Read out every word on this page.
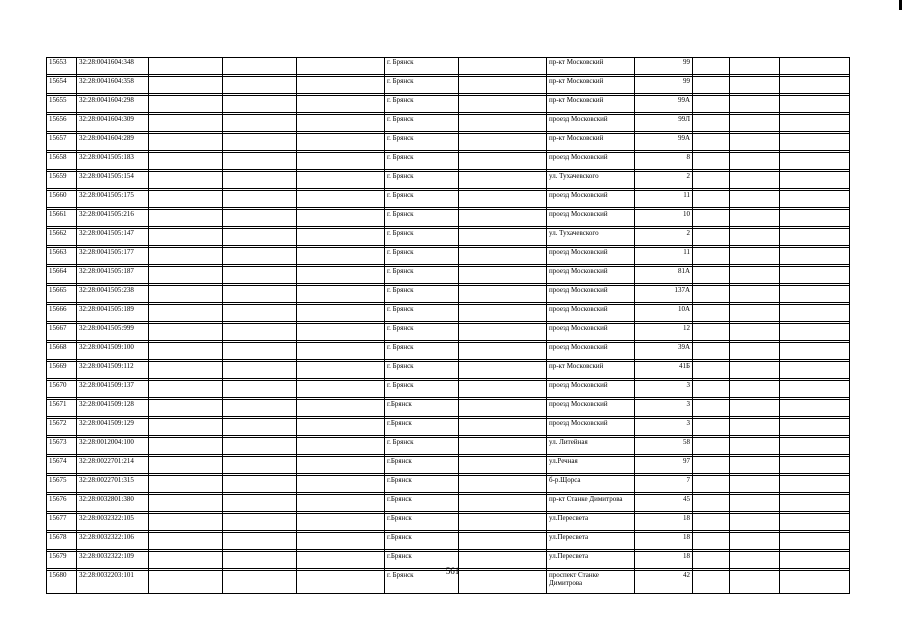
15653	32:28:0041604:348				г. Брянск		пр-кт Московский	99			

15654	32:28:0041604:358				г. Брянск		пр-кт Московский	99			

15655	32:28:0041604:298				г. Брянск		пр-кт Московский	99А			

15656	32:28:0041604:309				г. Брянск		проезд Московский	99Л			

15657	32:28:0041604:289				г. Брянск		пр-кт Московский	99А			

15658	32:28:0041505:183				г. Брянск		проезд Московский	8			

15659	32:28:0041505:154				г. Брянск		ул. Тухачевского	2			

15660	32:28:0041505:175				г. Брянск		проезд Московский	11			

15661	32:28:0041505:216				г. Брянск		проезд Московский	10			

15662	32:28:0041505:147				г. Брянск		ул. Тухачевского	2			

15663	32:28:0041505:177				г. Брянск		проезд Московский	11			

15664	32:28:0041505:187				г. Брянск		проезд Московский	81А			

15665	32:28:0041505:238				г. Брянск		проезд Московский	137А			

15666	32:28:0041505:189				г. Брянск		проезд Московский	10А			

15667	32:28:0041505:999				г. Брянск		проезд Московский	12			

15668	32:28:0041509:100				г. Брянск		проезд Московский	39А			

15669	32:28:0041509:112				г. Брянск		пр-кт Московский	41Б			

15670	32:28:0041509:137				г. Брянск		проезд Московский	3			

15671	32:28:0041509:128				г.Брянск		проезд Московский	3			

15672	32:28:0041509:129				г.Брянск		проезд Московский	3			

15673	32:28:0012004:100				г. Брянск		ул. Литейная	58			

15674	32:28:0022701:214				г.Брянск		ул.Речная	97			

15675	32:28:0022701:315				г.Брянск		б-р.Щорса	7			

15676	32:28:0032801:380				г.Брянск		пр-кт Станке Димитрова	45			

15677	32:28:0032322:105				г.Брянск		ул.Пересвета	18			

15678	32:28:0032322:106				г.Брянск		ул.Пересвета	18			

15679	32:28:0032322:109				г.Брянск		ул.Пересвета	18			

15680	32:28:0032203:101				г. Брянск		проспект Станке Димитрова	42			
561
